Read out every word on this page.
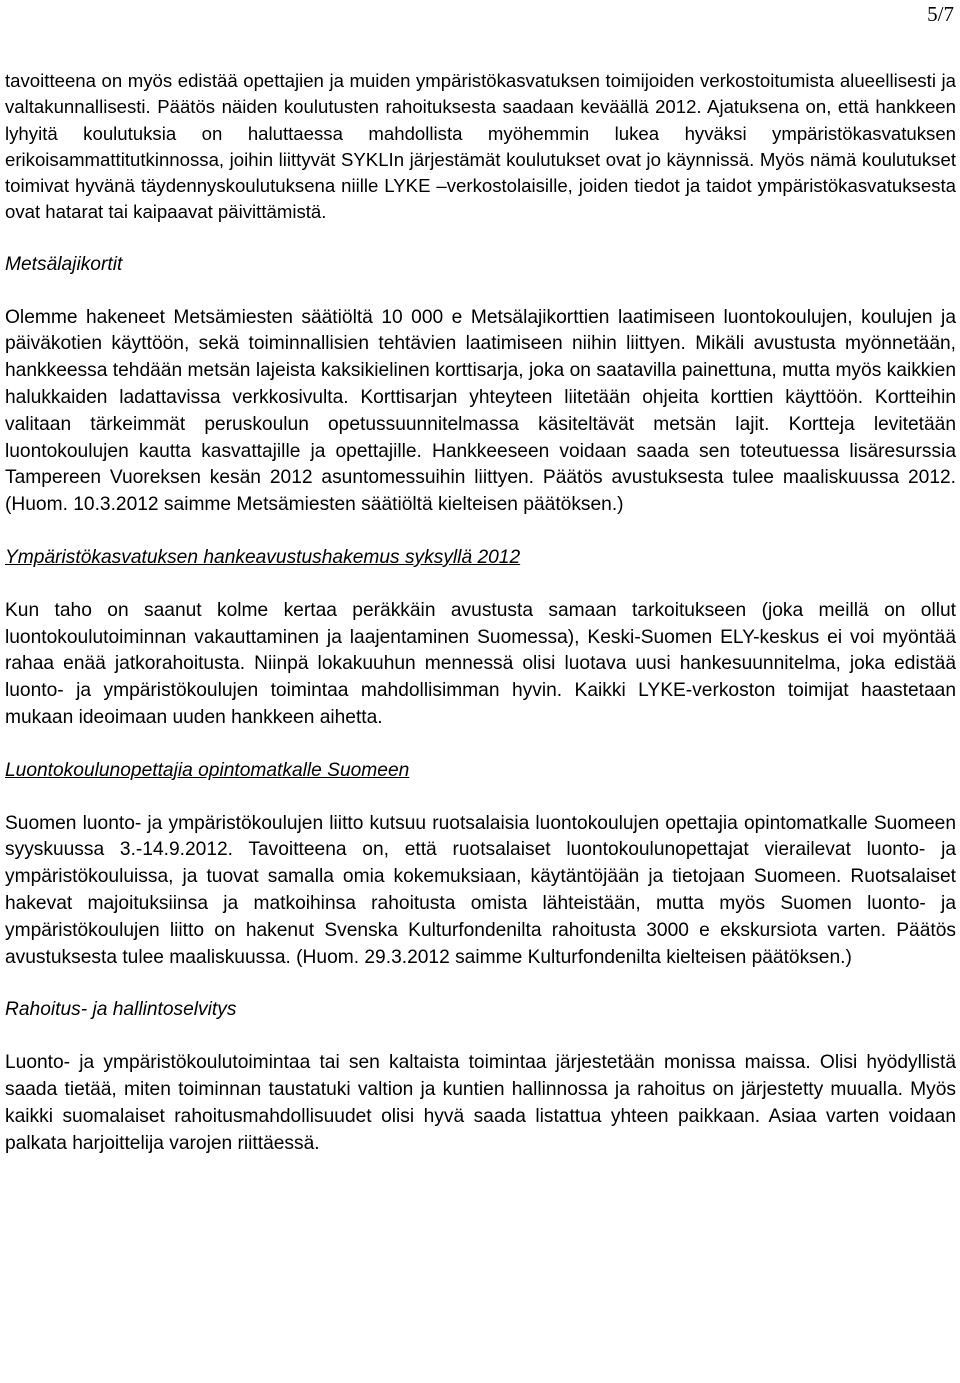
5/7

tavoitteena on myös edistää opettajien ja muiden ympäristökasvatuksen toimijoiden verkostoitumista alueellisesti ja valtakunnallisesti. Päätös näiden koulutusten rahoituksesta saadaan keväällä 2012. Ajatuksena on, että hankkeen lyhyitä koulutuksia on haluttaessa mahdollista myöhemmin lukea hyväksi ympäristökasvatuksen erikoisammattitutkinnossa, joihin liittyvät SYKLIn järjestämät koulutukset ovat jo käynnissä. Myös nämä koulutukset toimivat hyvänä täydennyskoulutuksena niille LYKE –verkostolaisille, joiden tiedot ja taidot ympäristökasvatuksesta ovat hatarat tai kaipaavat päivittämistä.

Metsälajikortit

Olemme hakeneet Metsämiesten säätiöltä 10 000 e Metsälajikorttien laatimiseen luontokoulujen, koulujen ja päiväkotien käyttöön, sekä toiminnallisien tehtävien laatimiseen niihin liittyen. Mikäli avustusta myönnetään, hankkeessa tehdään metsän lajeista kaksikielinen korttisarja, joka on saatavilla painettuna, mutta myös kaikkien halukkaiden ladattavissa verkkosivulta. Korttisarjan yhteyteen liitetään ohjeita korttien käyttöön. Kortteihin valitaan tärkeimmät peruskoulun opetussuunnitelmassa käsiteltävät metsän lajit. Kortteja levitetään luontokoulujen kautta kasvattajille ja opettajille. Hankkeeseen voidaan saada sen toteutuessa lisäresurssia Tampereen Vuoreksen kesän 2012 asuntomessuihin liittyen. Päätös avustuksesta tulee maaliskuussa 2012. (Huom. 10.3.2012 saimme Metsämiesten säätiöltä kielteisen päätöksen.)

Ympäristökasvatuksen hankeavustushakemus syksyllä 2012

Kun taho on saanut kolme kertaa peräkkäin avustusta samaan tarkoitukseen (joka meillä on ollut luontokoulutoiminnan vakauttaminen ja laajentaminen Suomessa), Keski-Suomen ELY-keskus ei voi myöntää rahaa enää jatkorahoitusta. Niinpä lokakuuhun mennessä olisi luotava uusi hankesuunnitelma, joka edistää luonto- ja ympäristökoulujen toimintaa mahdollisimman hyvin. Kaikki LYKE-verkoston toimijat haastetaan mukaan ideoimaan uuden hankkeen aihetta.

Luontokoulunopettajia opintomatkalle Suomeen

Suomen luonto- ja ympäristökoulujen liitto kutsuu ruotsalaisia luontokoulujen opettajia opintomatkalle Suomeen syyskuussa 3.-14.9.2012. Tavoitteena on, että ruotsalaiset luontokoulunopettajat vierailevat luonto- ja ympäristökouluissa, ja tuovat samalla omia kokemuksiaan, käytäntöjään ja tietojaan Suomeen. Ruotsalaiset hakevat majoituksiinsa ja matkoihinsa rahoitusta omista lähteistään, mutta myös Suomen luonto- ja ympäristökoulujen liitto on hakenut Svenska Kulturfondenilta rahoitusta 3000 e ekskursiota varten. Päätös avustuksesta tulee maaliskuussa. (Huom. 29.3.2012 saimme Kulturfondenilta kielteisen päätöksen.)

Rahoitus- ja hallintoselvitys

Luonto- ja ympäristökoulutoimintaa tai sen kaltaista toimintaa järjestetään monissa maissa. Olisi hyödyllistä saada tietää, miten toiminnan taustatuki valtion ja kuntien hallinnossa ja rahoitus on järjestetty muualla. Myös kaikki suomalaiset rahoitusmahdollisuudet olisi hyvä saada listattua yhteen paikkaan. Asiaa varten voidaan palkata harjoittelija varojen riittäessä.
